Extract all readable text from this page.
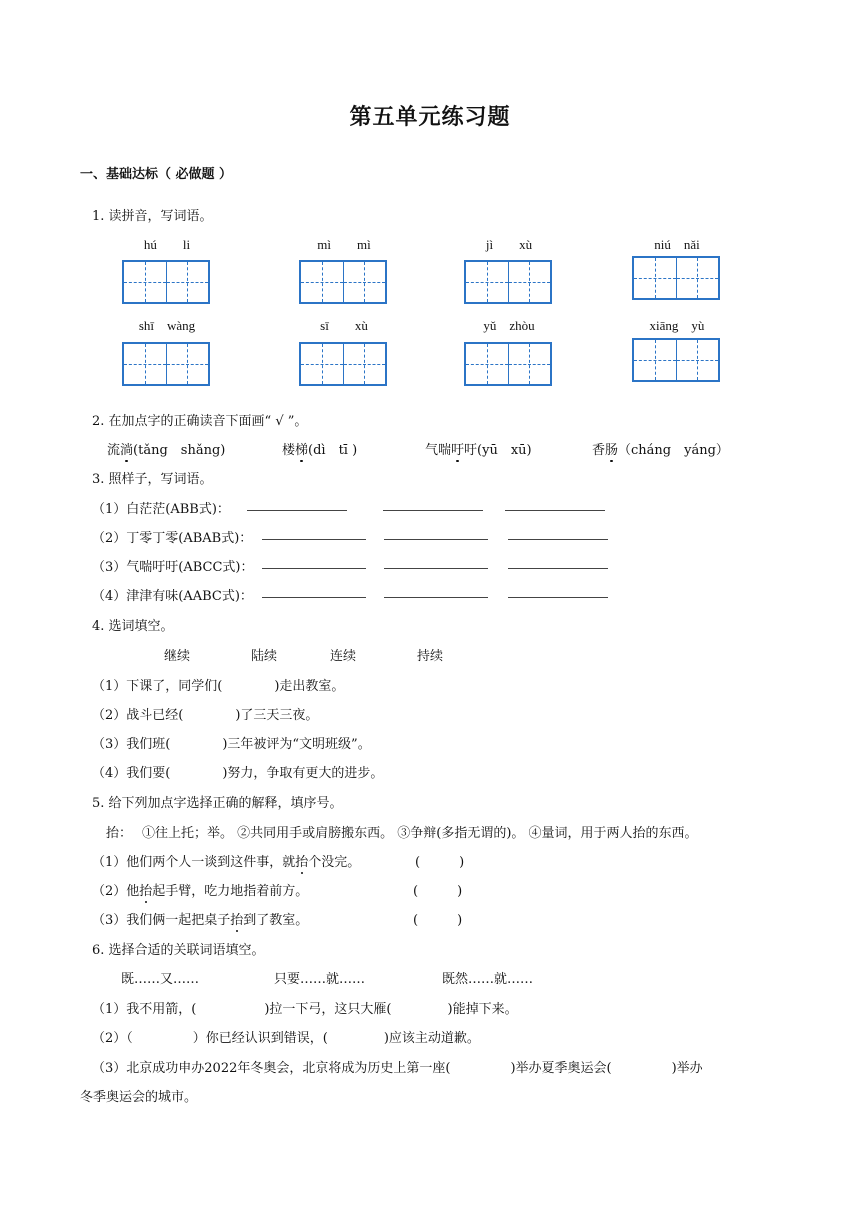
第五单元练习题
一、基础达标（ 必做题 ）
1. 读拼音，写词语。
hú　　li	mì　　mì	jì　　xù	niú　nǎi
shī　wàng	sī　　xù	yǔ　zhòu	xiāng　yù
2. 在加点字的正确读音下面画“ √ ”。
流淌(tǎng　shǎng)	楼梯(dì　tī )	气喘吁吁(yū　xū)	香肠（cháng　yáng）
3. 照样子，写词语。
（1）白茫茫(ABB式)：
（2）丁零丁零(ABAB式)：
（3）气喘吁吁(ABCC式)：
（4）津津有味(AABC式)：
4. 选词填空。
继续	陆续	连续	持续
（1）下课了，同学们(	)走出教室。
（2）战斗已经(	)了三天三夜。
（3）我们班(	)三年被评为“文明班级”。
（4）我们要(	)努力，争取有更大的进步。
5. 给下列加点字选择正确的解释，填序号。
抬： ①往上托；举。 ②共同用手或肩膀搬东西。 ③争辩(多指无谓的)。 ④量词，用于两人抬的东西。
（1）他们两个人一谈到这件事，就抬个没完。	(　　　)
（2）他抬起手臂，吃力地指着前方。	(　　　)
（3）我们俩一起把桌子抬到了教室。	(　　　)
6. 选择合适的关联词语填空。
既……又……	只要……就……	既然……就……
（1）我不用箭，(	)拉一下弓，这只大雁(	)能掉下来。
（2）（	）你已经认识到错误，(	)应该主动道歉。
（3）北京成功申办2022年冬奥会，北京将成为历史上第一座(	)举办夏季奥运会(	)举办
冬季奥运会的城市。
